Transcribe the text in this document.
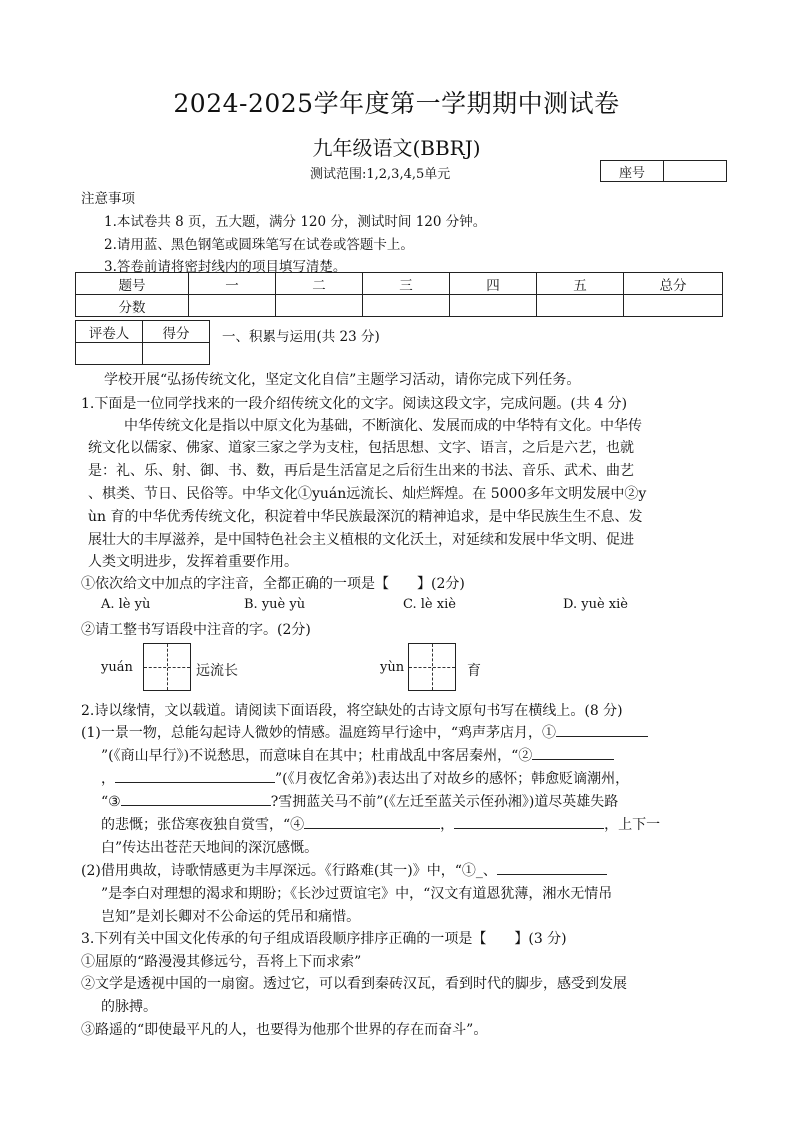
2024-2025学年度第一学期期中测试卷
九年级语文(BBRJ)
测试范围:1,2,3,4,5单元	座号	
注意事项
1.本试卷共 8 页，五大题，满分 120 分，测试时间 120 分钟。
2.请用蓝、黑色钢笔或圆珠笔写在试卷或答题卡上。
3.答卷前请将密封线内的项目填写清楚。
题号	一	二	三	四	五	总分
分数						
评卷人	得分
	一、积累与运用(共 23 分)
学校开展“弘扬传统文化，坚定文化自信”主题学习活动，请你完成下列任务。
1.下面是一位同学找来的一段介绍传统文化的文字。阅读这段文字，完成问题。(共 4 分)
中华传统文化是指以中原文化为基础，不断演化、发展而成的中华特有文化。中华传
统文化以儒家、佛家、道家三家之学为支柱，包括思想、文字、语言，之后是六艺，也就
是：礼、乐、射、御、书、数，再后是生活富足之后衍生出来的书法、音乐、武术、曲艺
、棋类、节日、民俗等。中华文化①yuán远流长、灿烂辉煌。在 5000多年文明发展中②y
ùn 育的中华优秀传统文化，积淀着中华民族最深沉的精神追求，是中华民族生生不息、发
展壮大的丰厚滋养，是中国特色社会主义植根的文化沃土，对延续和发展中华文明、促进
人类文明进步，发挥着重要作用。
①依次给文中加点的字注音，全都正确的一项是【　　】(2分)
A. lè yù	B. yuè yù	C. lè xiè	D. yuè xiè
②请工整书写语段中注音的字。(2分)
yuán	远流长	yùn	育
2.诗以缘情，文以载道。请阅读下面语段，将空缺处的古诗文原句书写在横线上。(8 分)
(1)一景一物，总能勾起诗人微妙的情感。温庭筠早行途中，“鸡声茅店月，①
”(《商山早行》)不说愁思，而意味自在其中；杜甫战乱中客居秦州，“②
，	”(《月夜忆舍弟》)表达出了对故乡的感怀；韩愈贬谪潮州，
“③	?雪拥蓝关马不前”(《左迁至蓝关示侄孙湘》)道尽英雄失路
的悲慨；张岱寒夜独自赏雪，“④	，	，上下一
白”传达出苍茫天地间的深沉感慨。
(2)借用典故，诗歌情感更为丰厚深远。《行路难(其一)》中，“①_、
”是李白对理想的渴求和期盼；《长沙过贾谊宅》中，“汉文有道恩犹薄，湘水无情吊
岂知”是刘长卿对不公命运的凭吊和痛惜。
3.下列有关中国文化传承的句子组成语段顺序排序正确的一项是【　　】(3 分)
①屈原的“路漫漫其修远兮，吾将上下而求索”
②文学是透视中国的一扇窗。透过它，可以看到秦砖汉瓦，看到时代的脚步，感受到发展
的脉搏。
③路遥的“即使最平凡的人，也要得为他那个世界的存在而奋斗”。
